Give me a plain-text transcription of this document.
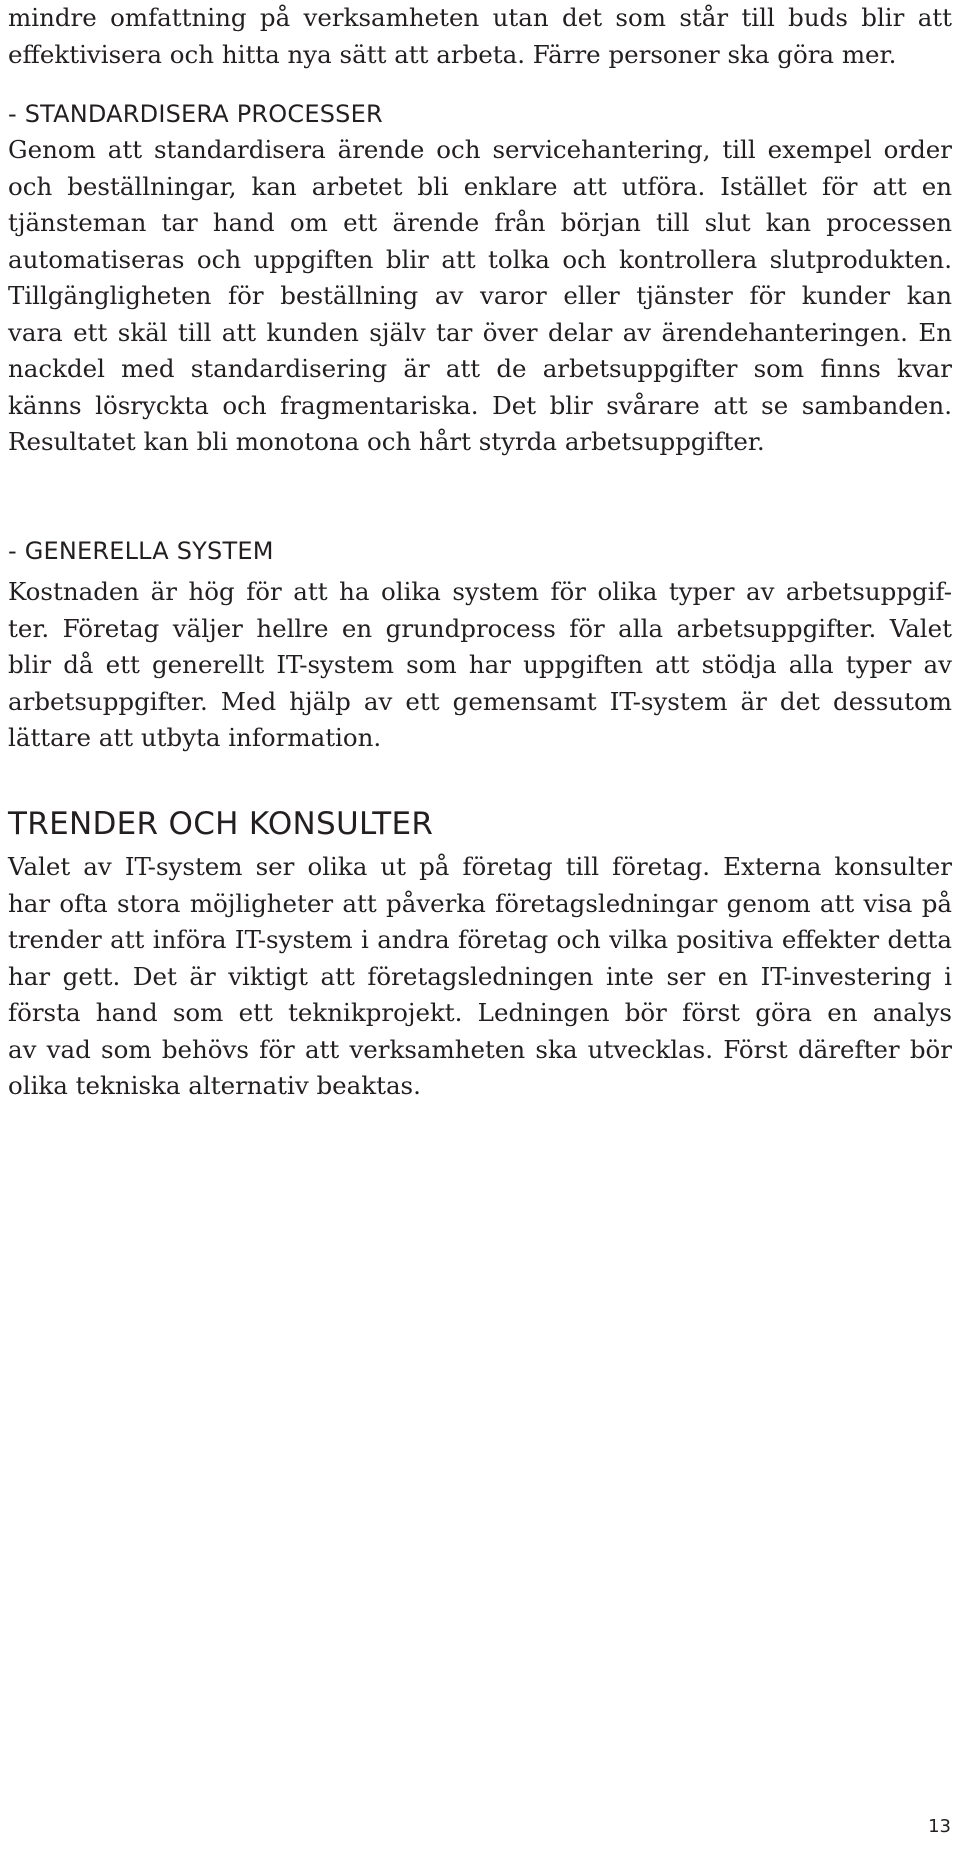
mindre omfattning på verksamheten utan det som står till buds blir att
effektivisera och hitta nya sätt att arbeta. Färre personer ska göra mer.
- STANDARDISERA PROCESSER
Genom att standardisera ärende och servicehantering, till exempel order
och beställningar, kan arbetet bli enklare att utföra. Istället för att en
tjänsteman tar hand om ett ärende från början till slut kan processen
automatiseras och uppgiften blir att tolka och kontrollera slutprodukten.
Tillgängligheten för beställning av varor eller tjänster för kunder kan
vara ett skäl till att kunden själv tar över delar av ärendehanteringen. En
nackdel med standardisering är att de arbetsuppgifter som finns kvar
känns lösryckta och fragmentariska. Det blir svårare att se sambanden.
Resultatet kan bli monotona och hårt styrda arbetsuppgifter.
- GENERELLA SYSTEM
Kostnaden är hög för att ha olika system för olika typer av arbetsuppgif-
ter. Företag väljer hellre en grundprocess för alla arbetsuppgifter. Valet
blir då ett generellt IT-system som har uppgiften att stödja alla typer av
arbetsuppgifter. Med hjälp av ett gemensamt IT-system är det dessutom
lättare att utbyta information.
TRENDER OCH KONSULTER
Valet av IT-system ser olika ut på företag till företag. Externa konsulter
har ofta stora möjligheter att påverka företagsledningar genom att visa på
trender att införa IT-system i andra företag och vilka positiva effekter detta
har gett. Det är viktigt att företagsledningen inte ser en IT-investering i
första hand som ett teknikprojekt. Ledningen bör först göra en analys
av vad som behövs för att verksamheten ska utvecklas. Först därefter bör
olika tekniska alternativ beaktas.
13
